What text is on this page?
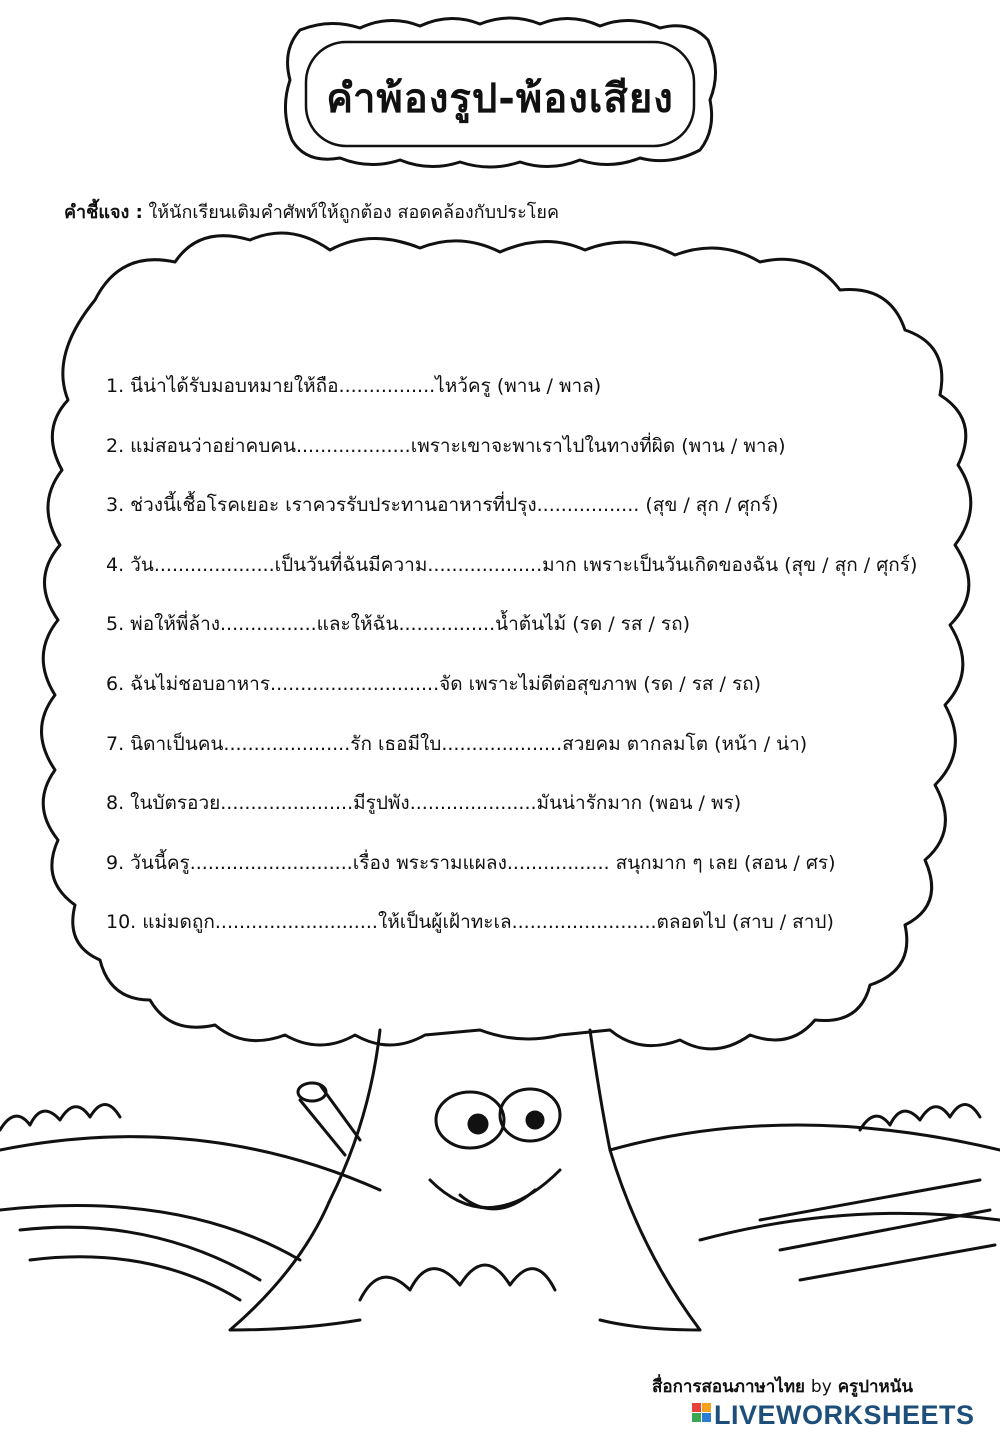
คำพ้องรูป-พ้องเสียง
คำชี้แจง : ให้นักเรียนเติมคำศัพท์ให้ถูกต้อง สอดคล้องกับประโยค
1. นีน่าได้รับมอบหมายให้ถือ................ไหว้ครู (พาน / พาล)
2. แม่สอนว่าอย่าคบคน...................เพราะเขาจะพาเราไปในทางที่ผิด (พาน / พาล)
3. ช่วงนี้เชื้อโรคเยอะ เราควรรับประทานอาหารที่ปรุง................. (สุข / สุก / ศุกร์)
4. วัน....................เป็นวันที่ฉันมีความ...................มาก เพราะเป็นวันเกิดของฉัน (สุข / สุก / ศุกร์)
5. พ่อให้พี่ล้าง................และให้ฉัน................น้ำต้นไม้ (รด / รส / รถ)
6. ฉันไม่ชอบอาหาร............................จัด เพราะไม่ดีต่อสุขภาพ (รด / รส / รถ)
7. นิดาเป็นคน.....................รัก เธอมีใบ....................สวยคม ตากลมโต (หน้า / น่า)
8. ในบัตรอวย......................มีรูปพัง.....................มันน่ารักมาก (พอน / พร)
9. วันนี้ครู...........................เรื่อง พระรามแผลง................. สนุกมาก ๆ เลย (สอน / ศร)
10. แม่มดถูก...........................ให้เป็นผู้เฝ้าทะเล........................ตลอดไป (สาบ / สาป)
สื่อการสอนภาษาไทย by ครูปาหนัน
LIVEWORKSHEETS
